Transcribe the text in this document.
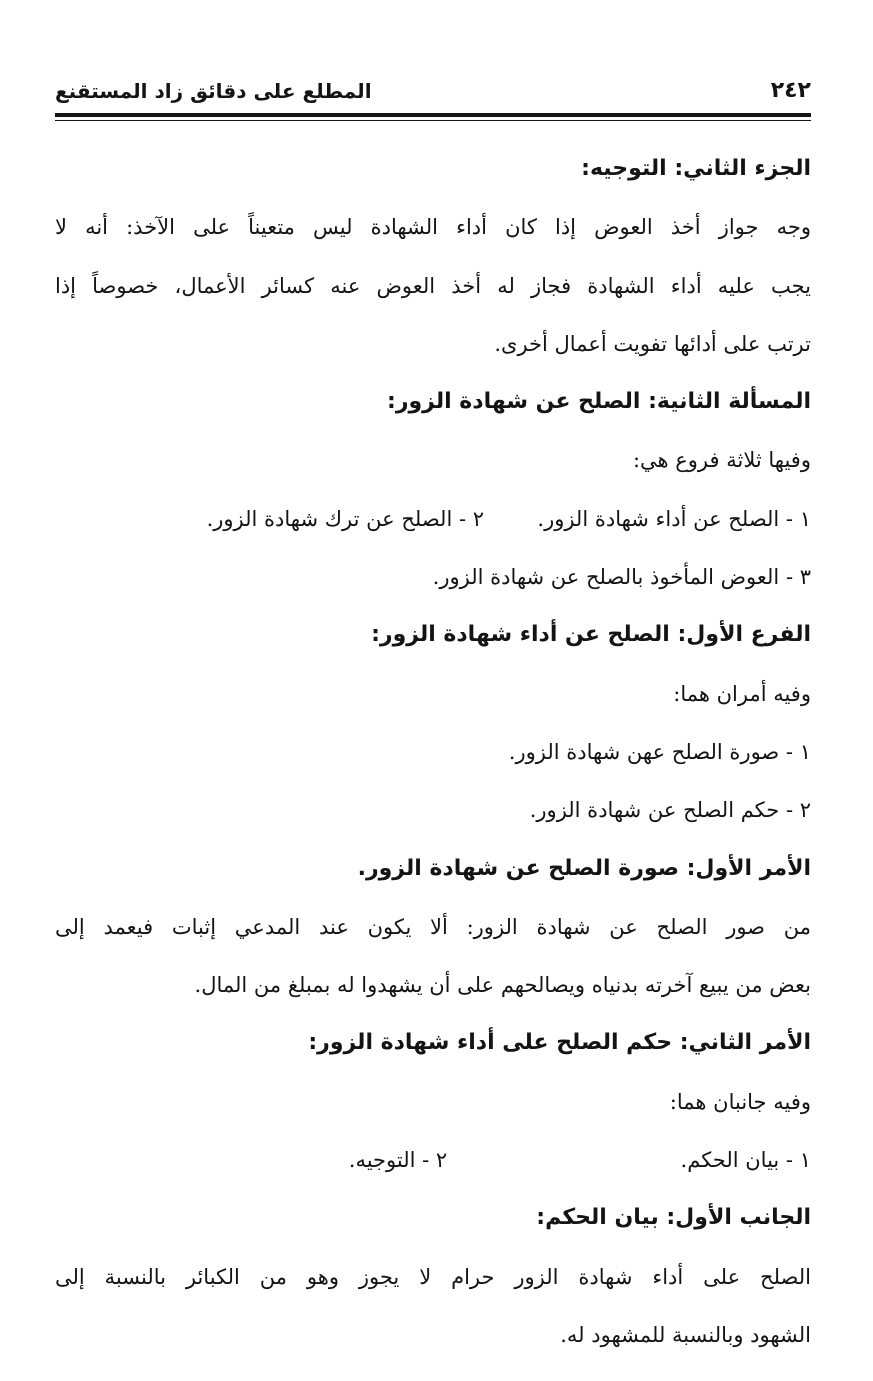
٢٤٢
المطلع على دقائق زاد المستقنع
الجزء الثاني: التوجيه:
وجه جواز أخذ العوض إذا كان أداء الشهادة ليس متعيناً على الآخذ: أنه لا
يجب عليه أداء الشهادة فجاز له أخذ العوض عنه كسائر الأعمال، خصوصاً إذا
ترتب على أدائها تفويت أعمال أخرى.
المسألة الثانية: الصلح عن شهادة الزور:
وفيها ثلاثة فروع هي:
١ - الصلح عن أداء شهادة الزور.  ٢ - الصلح عن ترك شهادة الزور.
٣ - العوض المأخوذ بالصلح عن شهادة الزور.
الفرع الأول: الصلح عن أداء شهادة الزور:
وفيه أمران هما:
١ - صورة الصلح عهن شهادة الزور.
٢ - حكم الصلح عن شهادة الزور.
الأمر الأول: صورة الصلح عن شهادة الزور.
من صور الصلح عن شهادة الزور: ألا يكون عند المدعي إثبات فيعمد إلى
بعض من يبيع آخرته بدنياه ويصالحهم على أن يشهدوا له بمبلغ من المال.
الأمر الثاني: حكم الصلح على أداء شهادة الزور:
وفيه جانبان هما:
١ - بيان الحكم.  ٢ - التوجيه.
الجانب الأول: بيان الحكم:
الصلح على أداء شهادة الزور حرام لا يجوز وهو من الكبائر بالنسبة إلى
الشهود وبالنسبة للمشهود له.
